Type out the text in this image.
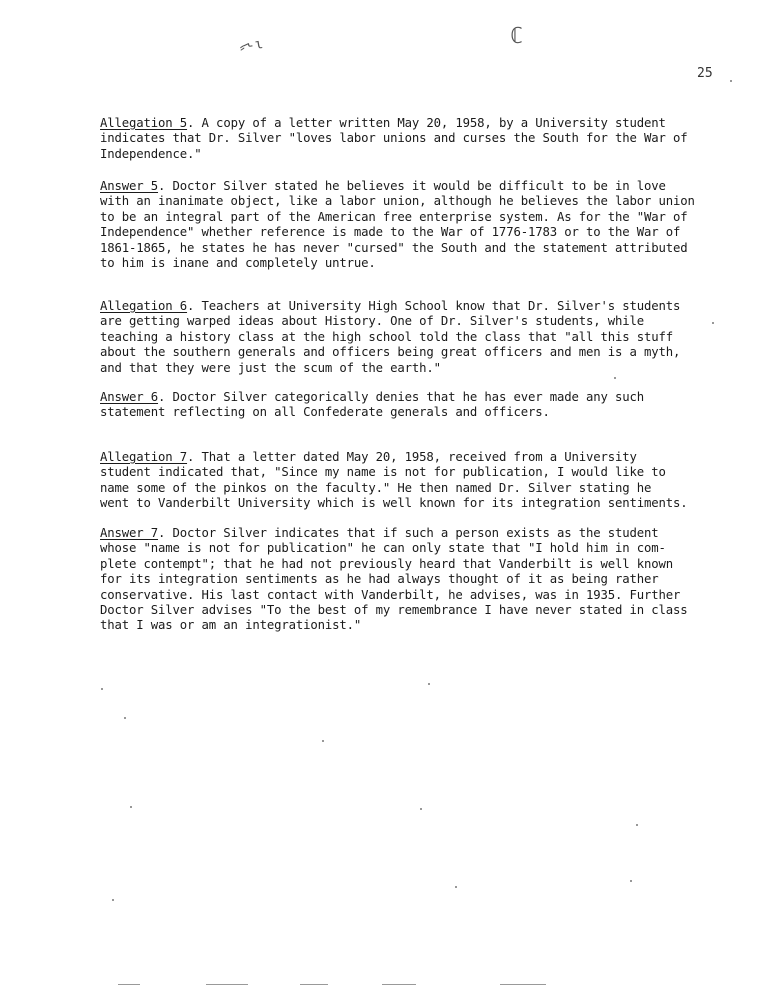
⸗˞ɩ	ℂ
25

Allegation 5. A copy of a letter written May 20, 1958, by a University student
indicates that Dr. Silver "loves labor unions and curses the South for the War of
Independence."

Answer 5. Doctor Silver stated he believes it would be difficult to be in love
with an inanimate object, like a labor union, although he believes the labor union
to be an integral part of the American free enterprise system. As for the "War of
Independence" whether reference is made to the War of 1776-1783 or to the War of
1861-1865, he states he has never "cursed" the South and the statement attributed
to him is inane and completely untrue.

Allegation 6. Teachers at University High School know that Dr. Silver's students
are getting warped ideas about History. One of Dr. Silver's students, while
teaching a history class at the high school told the class that "all this stuff
about the southern generals and officers being great officers and men is a myth,
and that they were just the scum of the earth."

Answer 6. Doctor Silver categorically denies that he has ever made any such
statement reflecting on all Confederate generals and officers.

Allegation 7. That a letter dated May 20, 1958, received from a University
student indicated that, "Since my name is not for publication, I would like to
name some of the pinkos on the faculty." He then named Dr. Silver stating he
went to Vanderbilt University which is well known for its integration sentiments.

Answer 7. Doctor Silver indicates that if such a person exists as the student
whose "name is not for publication" he can only state that "I hold him in com-
plete contempt"; that he had not previously heard that Vanderbilt is well known
for its integration sentiments as he had always thought of it as being rather
conservative. His last contact with Vanderbilt, he advises, was in 1935. Further
Doctor Silver advises "To the best of my remembrance I have never stated in class
that I was or am an integrationist."
